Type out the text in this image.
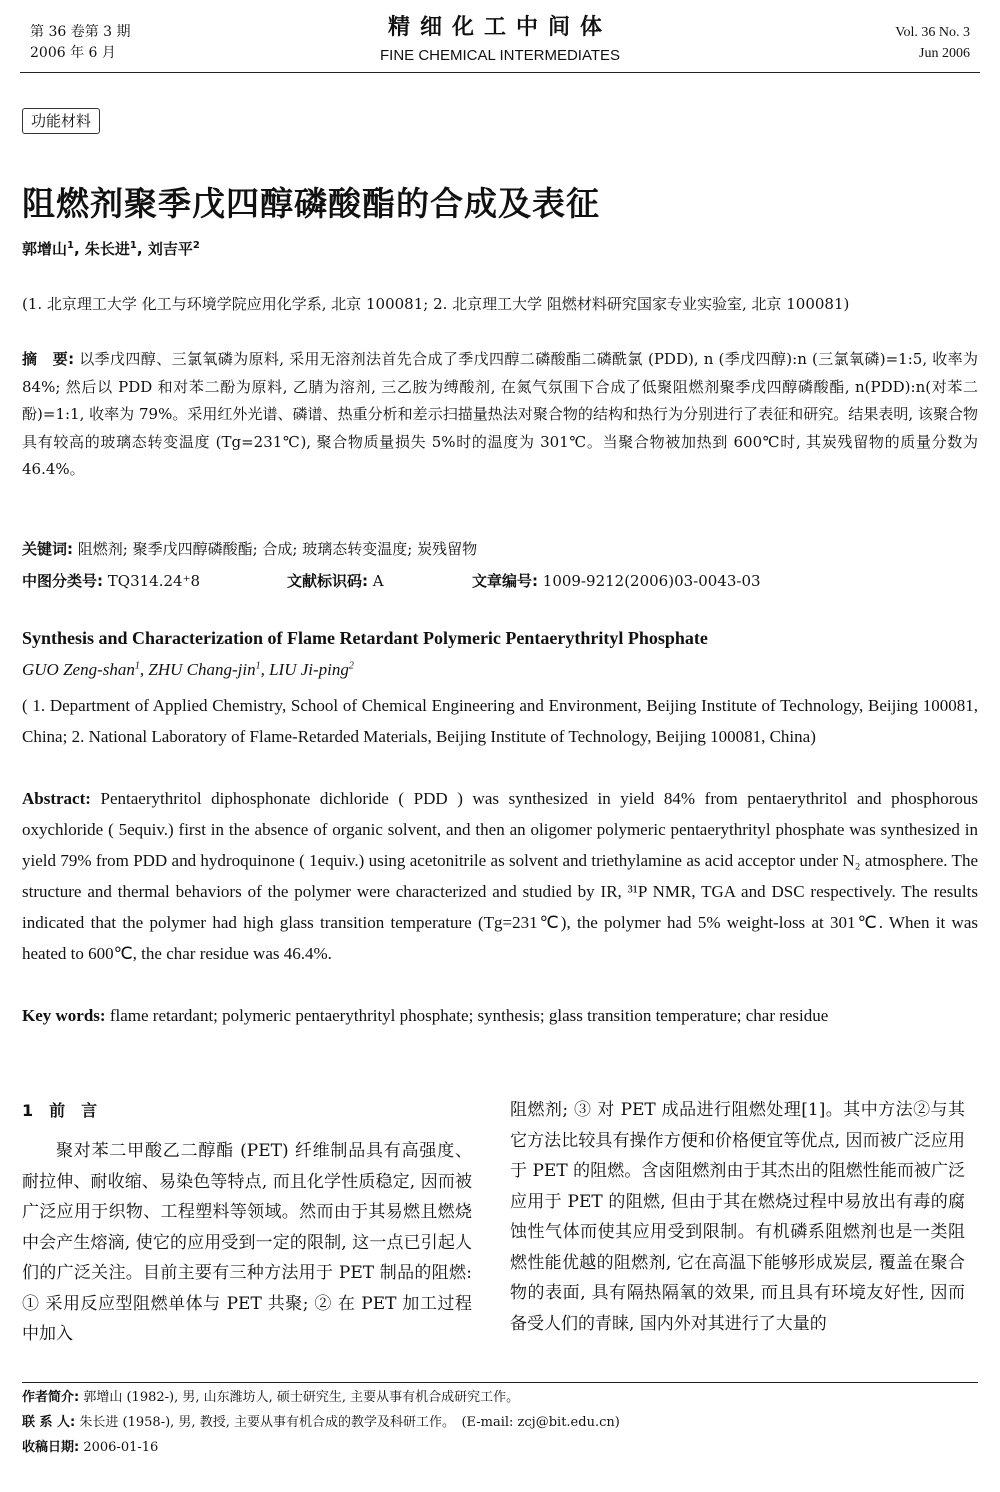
第 36 卷第 3 期
2006 年 6 月
精细化工中间体
FINE CHEMICAL INTERMEDIATES
Vol. 36 No. 3
Jun 2006
功能材料
阻燃剂聚季戊四醇磷酸酯的合成及表征
郭增山$^1$, 朱长进$^1$, 刘吉平$^2$
(1. 北京理工大学 化工与环境学院应用化学系, 北京 100081; 2. 北京理工大学 阻燃材料研究国家专业实验室, 北京 100081)
摘　要: 以季戊四醇、三氯氧磷为原料, 采用无溶剂法首先合成了季戊四醇二磷酸酯二磷酰氯 (PDD), n (季戊四醇):n (三氯氧磷)=1:5, 收率为 84%; 然后以 PDD 和对苯二酚为原料, 乙腈为溶剂, 三乙胺为缚酸剂, 在氮气氛围下合成了低聚阻燃剂聚季戊四醇磷酸酯, n(PDD):n(对苯二酚)=1:1, 收率为 79%。采用红外光谱、磷谱、热重分析和差示扫描量热法对聚合物的结构和热行为分别进行了表征和研究。结果表明, 该聚合物具有较高的玻璃态转变温度 (Tg=231℃), 聚合物质量损失 5%时的温度为 301℃。当聚合物被加热到 600℃时, 其炭残留物的质量分数为 46.4%。
关键词: 阻燃剂; 聚季戊四醇磷酸酯; 合成; 玻璃态转变温度; 炭残留物
中图分类号: TQ314.24⁺8	文献标识码: A	文章编号: 1009-9212(2006)03-0043-03
Synthesis and Characterization of Flame Retardant Polymeric Pentaerythrityl Phosphate
GUO Zeng-shan$^1$, ZHU Chang-jin$^1$, LIU Ji-ping$^2$
( 1. Department of Applied Chemistry, School of Chemical Engineering and Environment, Beijing Institute of Technology, Beijing 100081, China; 2. National Laboratory of Flame-Retarded Materials, Beijing Institute of Technology, Beijing 100081, China)
Abstract: Pentaerythritol diphosphonate dichloride ( PDD ) was synthesized in yield 84% from pentaerythritol and phosphorous oxychloride ( 5equiv.) first in the absence of organic solvent, and then an oligomer polymeric pentaerythrityl phosphate was synthesized in yield 79% from PDD and hydroquinone ( 1equiv.) using acetonitrile as solvent and triethylamine as acid acceptor under N₂ atmosphere. The structure and thermal behaviors of the polymer were characterized and studied by IR, ³¹P NMR, TGA and DSC respectively. The results indicated that the polymer had high glass transition temperature (Tg=231℃), the polymer had 5% weight-loss at 301℃. When it was heated to 600℃, the char residue was 46.4%.
Key words: flame retardant; polymeric pentaerythrityl phosphate; synthesis; glass transition temperature; char residue
1　前　言
聚对苯二甲酸乙二醇酯 (PET) 纤维制品具有高强度、耐拉伸、耐收缩、易染色等特点, 而且化学性质稳定, 因而被广泛应用于织物、工程塑料等领域。然而由于其易燃且燃烧中会产生熔滴, 使它的应用受到一定的限制, 这一点已引起人们的广泛关注。目前主要有三种方法用于 PET 制品的阻燃: ① 采用反应型阻燃单体与 PET 共聚; ② 在 PET 加工过程中加入
阻燃剂; ③ 对 PET 成品进行阻燃处理[1]。其中方法②与其它方法比较具有操作方便和价格便宜等优点, 因而被广泛应用于 PET 的阻燃。含卤阻燃剂由于其杰出的阻燃性能而被广泛应用于 PET 的阻燃, 但由于其在燃烧过程中易放出有毒的腐蚀性气体而使其应用受到限制。有机磷系阻燃剂也是一类阻燃性能优越的阻燃剂, 它在高温下能够形成炭层, 覆盖在聚合物的表面, 具有隔热隔氧的效果, 而且具有环境友好性, 因而备受人们的青睐, 国内外对其进行了大量的
作者简介: 郭增山 (1982-), 男, 山东潍坊人, 硕士研究生, 主要从事有机合成研究工作。
联 系 人: 朱长进 (1958-), 男, 教授, 主要从事有机合成的教学及科研工作。　(E-mail: zcj@bit.edu.cn)
收稿日期: 2006-01-16
